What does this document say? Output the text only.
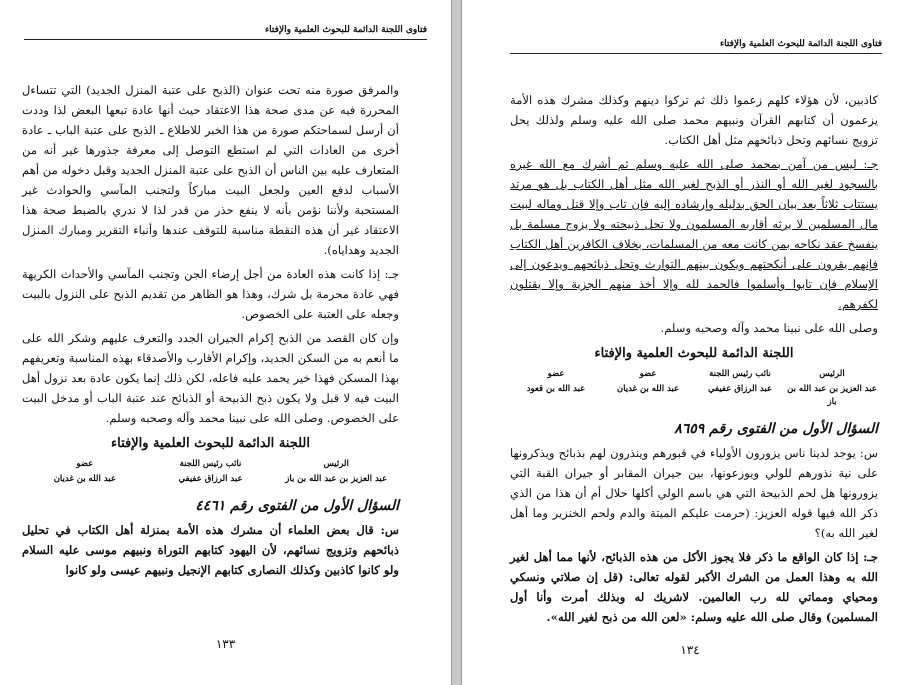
فتاوى اللجنة الدائمة للبحوث العلمية والإفتاء

والمرفق صورة منه تحت عنوان (الذبح على عتبة المنزل الجديد) التي تتساءل المحررة فيه عن مدى صحة هذا الاعتقاد حيث أنها عادة تبعها البعض لذا وددت أن أرسل لسماحتكم صورة من هذا الخبر للاطلاع ـ الذبح على عتبة الباب ـ عادة أخرى من العادات التي لم استطع التوصل إلى معرفة جذورها غير أنه من المتعارف عليه بين الناس أن الذبح على عتبة المنزل الجديد وقبل دخوله من أهم الأسباب لدفع العين ولجعل البيت مباركاً ولتجنب المآسي والحوادث غير المستحبة ولأننا نؤمن بأنه لا ينفع حذر من قدر لذا لا ندري بالضبط صحة هذا الاعتقاد غير أن هذه النقطة مناسبة للتوقف عندها وأنباء التقرير ومبارك المنزل الجديد وهداياه).

جـ: إذا كانت هذه العادة من أجل إرضاء الجن وتجنب المآسي والأحداث الكريهة فهي عادة محرمة بل شرك، وهذا هو الظاهر من تقديم الذبح على النزول بالبيت وجعله على العتبة على الخصوص.

وإن كان القصد من الذبح إكرام الجيران الجدد والتعرف عليهم وشكر الله على ما أنعم به من السكن الجديد، وإكرام الأقارب والأصدقاء بهذه المناسبة وتعريفهم بهذا المسكن فهذا خير يحمد عليه فاعله، لكن ذلك إنما يكون عادة بعد نزول أهل البيت فيه لا قبل ولا يكون ذبح الذبيحة أو الذبائح عند عتبة الباب أو مدخل البيت على الخصوص. وصلى الله على نبينا محمد وآله وصحبه وسلم.

اللجنة الدائمة للبحوث العلمية والإفتاء
الرئيس
نائب رئيس اللجنة
عضو
عبد العزيز بن عبد الله بن باز
عبد الرزاق عفيفي
عبد الله بن غديان
السؤال الأول من الفتوى رقم ٤٤٦١

س: قال بعض العلماء أن مشرك هذه الأمة بمنزلة أهل الكتاب في تحليل ذبائحهم وتزويج نسائهم، لأن اليهود كتابهم التوراة ونبيهم موسى عليه السلام ولو كانوا كاذبين وكذلك النصارى كتابهم الإنجيل ونبيهم عيسى ولو كانوا

١٣٣
فتاوى اللجنة الدائمة للبحوث العلمية والإفتاء

كاذبين، لأن هؤلاء كلهم زعموا ذلك ثم تركوا دينهم وكذلك مشرك هذه الأمة يزعمون أن كتابهم القرآن ونبيهم محمد صلى الله عليه وسلم ولذلك يحل تزويج نسائهم وتحل ذبائحهم مثل أهل الكتاب.

جـ: ليس من آمن بمحمد صلى الله عليه وسلم ثم أشرك مع الله غيره بالسجود لغير الله أو النذر أو الذبح لغير الله مثل أهل الكتاب بل هو مرتد يستتاب ثلاثاً بعد بيان الحق بدليله وإرشاده إليه فإن تاب وإلا قتل وماله لبيت مال المسلمين لا يرثه أقاربه المسلمون ولا تحل ذبيحته ولا يزوج مسلمة بل ينفسخ عقد نكاحه بمن كانت معه من المسلمات، بخلاف الكافرين أهل الكتاب فإنهم يقرون على أنكحتهم ويكون بينهم التوارث وتحل ذبائحهم ويدعون إلى الإسلام فإن تابوا وأسلموا فالحمد لله وإلا أخذ منهم الجزية وإلا يقتلون لكفرهم.

وصلى الله على نبينا محمد وآله وصحبه وسلم.

اللجنة الدائمة للبحوث العلمية والإفتاء
الرئيس
نائب رئيس اللجنة
عضو
عضو
عبد العزيز بن عبد الله بن باز
عبد الرزاق عفيفي
عبد الله بن غديان
عبد الله بن قعود
السؤال الأول من الفتوى رقم ٨٦٥٩

س: يوجد لدينا ناس يزورون الأولياء في قبورهم وينذرون لهم بذبائح ويذكرونها على نية نذورهم للولي ويوزعونها، بين جيران المقابر أو جيران القبة التي يزورونها هل لحم الذبيحة التي هي باسم الولي أكلها حلال أم أن هذا من الذي ذكر الله فيها قوله العزيز: (حرمت عليكم الميتة والدم ولحم الخنزير وما أهل لغير الله به)؟

جـ: إذا كان الواقع ما ذكر فلا يجوز الأكل من هذه الذبائح، لأنها مما أهل لغير الله به وهذا العمل من الشرك الأكبر لقوله تعالى: (قل إن صلاتي ونسكي ومحياي ومماتي لله رب العالمين. لاشريك له وبذلك أمرت وأنا أول المسلمين) وقال صلى الله عليه وسلم: «لعن الله من ذبح لغير الله».

١٣٤
